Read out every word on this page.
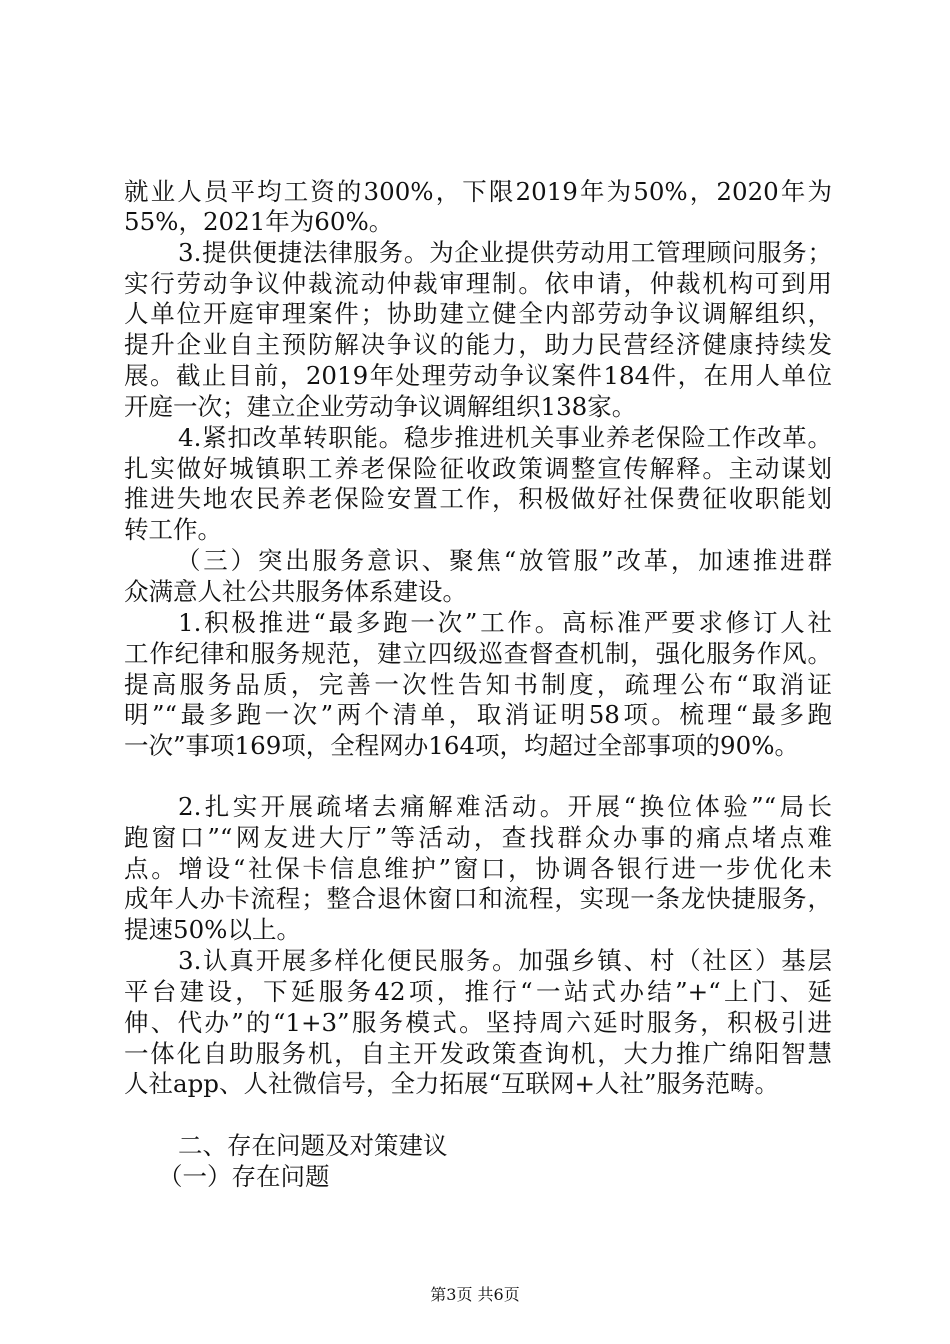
就业人员平均工资的300%，下限2019年为50%，2020年为
55%，2021年为60%。
3.提供便捷法律服务。为企业提供劳动用工管理顾问服务；
实行劳动争议仲裁流动仲裁审理制。依申请，仲裁机构可到用
人单位开庭审理案件；协助建立健全内部劳动争议调解组织，
提升企业自主预防解决争议的能力，助力民营经济健康持续发
展。截止目前，2019年处理劳动争议案件184件，在用人单位
开庭一次；建立企业劳动争议调解组织138家。
4.紧扣改革转职能。稳步推进机关事业养老保险工作改革。
扎实做好城镇职工养老保险征收政策调整宣传解释。主动谋划
推进失地农民养老保险安置工作，积极做好社保费征收职能划
转工作。
（三）突出服务意识、聚焦“放管服”改革，加速推进群
众满意人社公共服务体系建设。
1.积极推进“最多跑一次”工作。高标准严要求修订人社
工作纪律和服务规范，建立四级巡查督查机制，强化服务作风。
提高服务品质，完善一次性告知书制度，疏理公布“取消证
明”“最多跑一次”两个清单，取消证明58项。梳理“最多跑
一次”事项169项，全程网办164项，均超过全部事项的90%。
2.扎实开展疏堵去痛解难活动。开展“换位体验”“局长
跑窗口”“网友进大厅”等活动，查找群众办事的痛点堵点难
点。增设“社保卡信息维护”窗口，协调各银行进一步优化未
成年人办卡流程；整合退休窗口和流程，实现一条龙快捷服务，
提速50%以上。
3.认真开展多样化便民服务。加强乡镇、村（社区）基层
平台建设，下延服务42项，推行“一站式办结”+“上门、延
伸、代办”的“1+3”服务模式。坚持周六延时服务，积极引进
一体化自助服务机，自主开发政策查询机，大力推广绵阳智慧
人社app、人社微信号，全力拓展“互联网+人社”服务范畴。
二、存在问题及对策建议
（一）存在问题
第3页 共6页
